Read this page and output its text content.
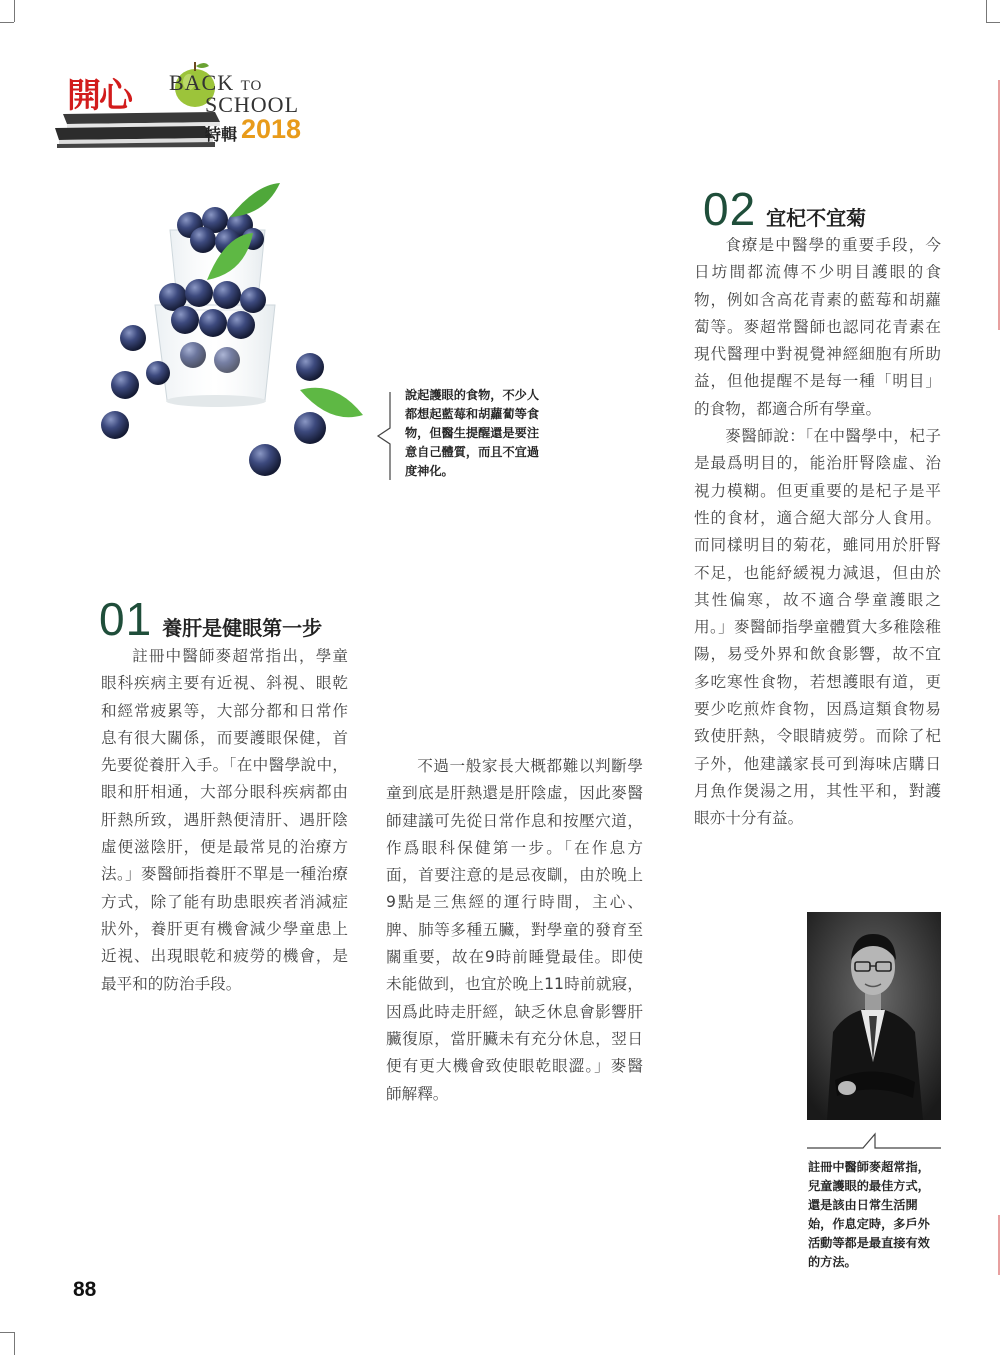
開心 BACK TO
SCHOOL
特輯 2018
說起護眼的食物，不少人都想起藍莓和胡蘿蔔等食物，但醫生提醒還是要注意自己體質，而且不宜過度神化。
02 宜杞不宜菊

食療是中醫學的重要手段，今日坊間都流傳不少明目護眼的食物，例如含高花青素的藍莓和胡蘿蔔等。麥超常醫師也認同花青素在現代醫理中對視覺神經細胞有所助益，但他提醒不是每一種「明目」的食物，都適合所有學童。

麥醫師說：「在中醫學中，杞子是最爲明目的，能治肝腎陰虛、治視力模糊。但更重要的是杞子是平性的食材，適合絕大部分人食用。而同樣明目的菊花，雖同用於肝腎不足，也能紓緩視力減退，但由於其性偏寒，故不適合學童護眼之用。」麥醫師指學童體質大多稚陰稚陽，易受外界和飲食影響，故不宜多吃寒性食物，若想護眼有道，更要少吃煎炸食物，因爲這類食物易致使肝熱，令眼睛疲勞。而除了杞子外，他建議家長可到海味店購日月魚作煲湯之用，其性平和，對護眼亦十分有益。

01 養肝是健眼第一步

註冊中醫師麥超常指出，學童眼科疾病主要有近視、斜視、眼乾和經常疲累等，大部分都和日常作息有很大關係，而要護眼保健，首先要從養肝入手。「在中醫學說中，眼和肝相通，大部分眼科疾病都由肝熱所致，遇肝熱便清肝、遇肝陰虛便滋陰肝，便是最常見的治療方法。」麥醫師指養肝不單是一種治療方式，除了能有助患眼疾者消減症狀外，養肝更有機會減少學童患上近視、出現眼乾和疲勞的機會，是最平和的防治手段。

不過一般家長大概都難以判斷學童到底是肝熱還是肝陰虛，因此麥醫師建議可先從日常作息和按壓穴道，作爲眼科保健第一步。「在作息方面，首要注意的是忌夜瞓，由於晚上9點是三焦經的運行時間，主心、脾、肺等多種五臟，對學童的發育至關重要，故在9時前睡覺最佳。即使未能做到，也宜於晚上11時前就寢，因爲此時走肝經，缺乏休息會影響肝臟復原，當肝臟未有充分休息，翌日便有更大機會致使眼乾眼澀。」麥醫師解釋。

註冊中醫師麥超常指，兒童護眼的最佳方式，還是該由日常生活開始，作息定時，多戶外活動等都是最直接有效的方法。
88
